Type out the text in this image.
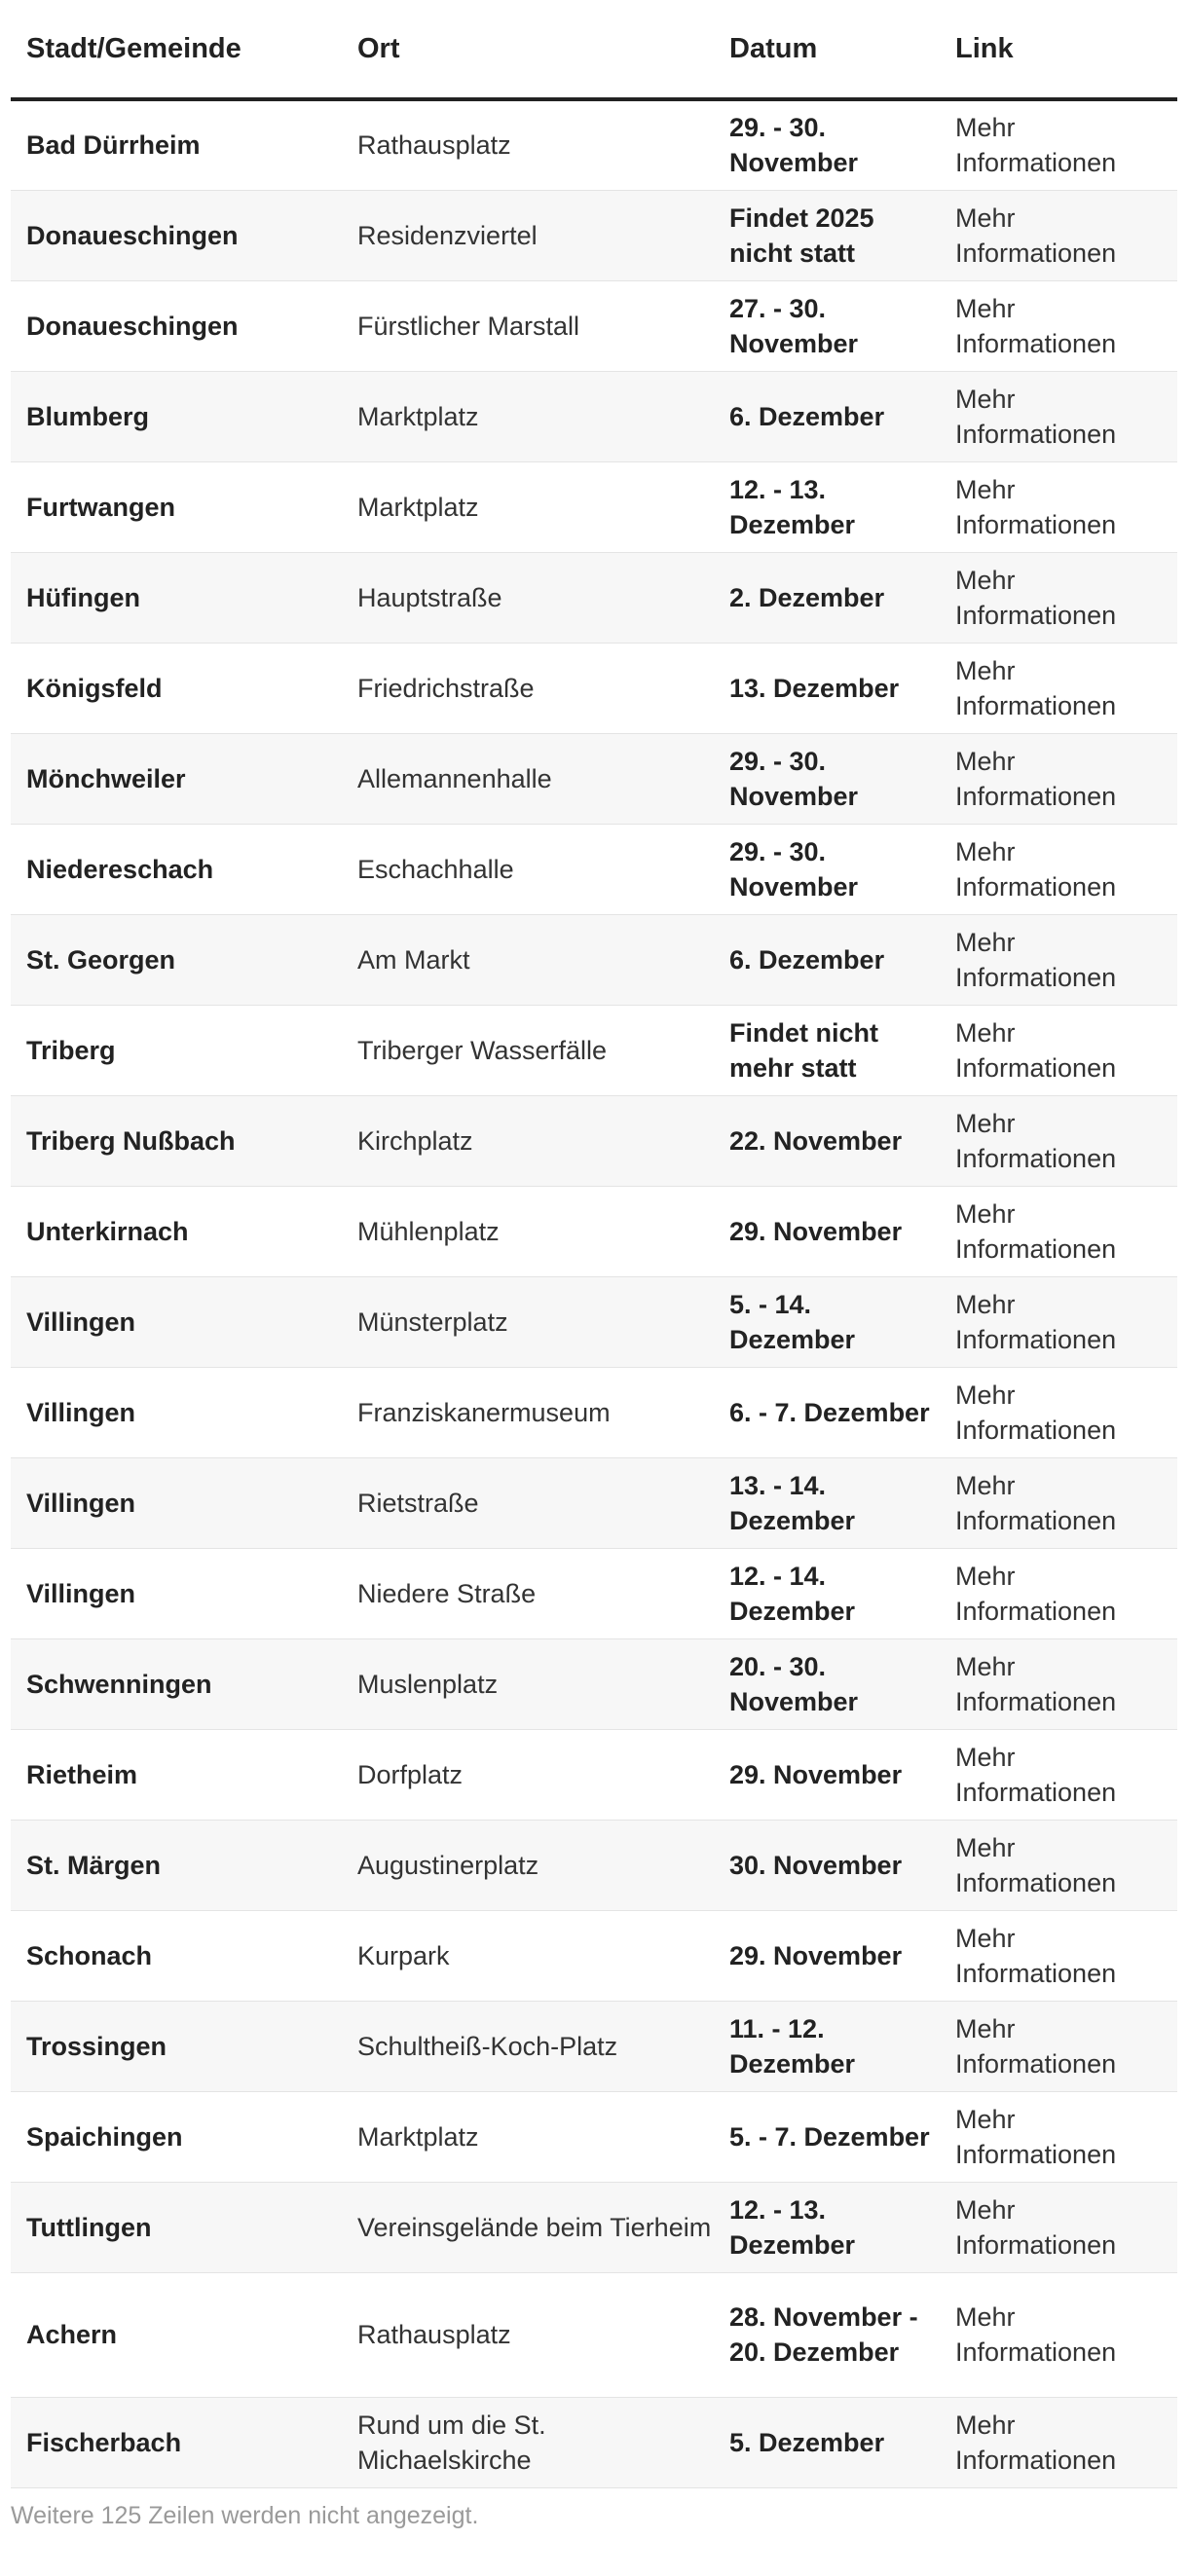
Stadt/Gemeinde	Ort	Datum	Link
Bad Dürrheim	Rathausplatz	29. - 30. November	Mehr Informationen
Donaueschingen	Residenzviertel	Findet 2025 nicht statt	Mehr Informationen
Donaueschingen	Fürstlicher Marstall	27. - 30. November	Mehr Informationen
Blumberg	Marktplatz	6. Dezember	Mehr Informationen
Furtwangen	Marktplatz	12. - 13. Dezember	Mehr Informationen
Hüfingen	Hauptstraße	2. Dezember	Mehr Informationen
Königsfeld	Friedrichstraße	13. Dezember	Mehr Informationen
Mönchweiler	Allemannenhalle	29. - 30. November	Mehr Informationen
Niedereschach	Eschachhalle	29. - 30. November	Mehr Informationen
St. Georgen	Am Markt	6. Dezember	Mehr Informationen
Triberg	Triberger Wasserfälle	Findet nicht mehr statt	Mehr Informationen
Triberg Nußbach	Kirchplatz	22. November	Mehr Informationen
Unterkirnach	Mühlenplatz	29. November	Mehr Informationen
Villingen	Münsterplatz	5. - 14. Dezember	Mehr Informationen
Villingen	Franziskanermuseum	6. - 7. Dezember	Mehr Informationen
Villingen	Rietstraße	13. - 14. Dezember	Mehr Informationen
Villingen	Niedere Straße	12. - 14. Dezember	Mehr Informationen
Schwenningen	Muslenplatz	20. - 30. November	Mehr Informationen
Rietheim	Dorfplatz	29. November	Mehr Informationen
St. Märgen	Augustinerplatz	30. November	Mehr Informationen
Schonach	Kurpark	29. November	Mehr Informationen
Trossingen	Schultheiß-Koch-Platz	11. - 12. Dezember	Mehr Informationen
Spaichingen	Marktplatz	5. - 7. Dezember	Mehr Informationen
Tuttlingen	Vereinsgelände beim Tierheim	12. - 13. Dezember	Mehr Informationen
Achern	Rathausplatz	28. November - 20. Dezember	Mehr Informationen
Fischerbach	Rund um die St. Michaelskirche	5. Dezember	Mehr Informationen
Weitere 125 Zeilen werden nicht angezeigt.
